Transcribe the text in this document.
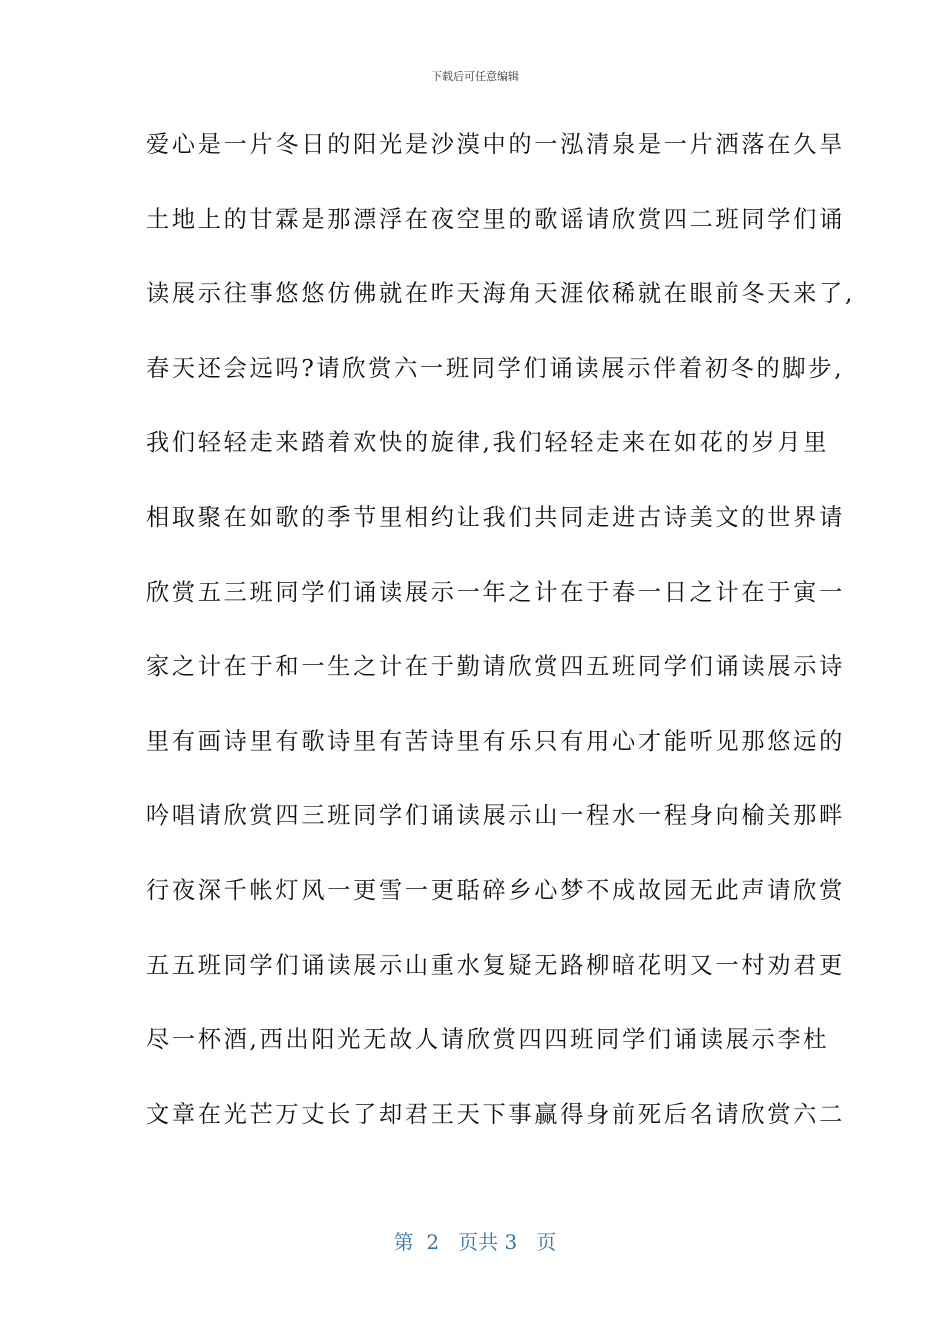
下载后可任意编辑
爱心是一片冬日的阳光是沙漠中的一泓清泉是一片洒落在久旱
土地上的甘霖是那漂浮在夜空里的歌谣请欣赏四二班同学们诵
读展示往事悠悠仿佛就在昨天海角天涯依稀就在眼前冬天来了,
春天还会远吗?请欣赏六一班同学们诵读展示伴着初冬的脚步,
我们轻轻走来踏着欢快的旋律,我们轻轻走来在如花的岁月里
相取聚在如歌的季节里相约让我们共同走进古诗美文的世界请
欣赏五三班同学们诵读展示一年之计在于春一日之计在于寅一
家之计在于和一生之计在于勤请欣赏四五班同学们诵读展示诗
里有画诗里有歌诗里有苦诗里有乐只有用心才能听见那悠远的
吟唱请欣赏四三班同学们诵读展示山一程水一程身向榆关那畔
行夜深千帐灯风一更雪一更聒碎乡心梦不成故园无此声请欣赏
五五班同学们诵读展示山重水复疑无路柳暗花明又一村劝君更
尽一杯酒,西出阳光无故人请欣赏四四班同学们诵读展示李杜
文章在光芒万丈长了却君王天下事赢得身前死后名请欣赏六二
第  2   页共 3   页
